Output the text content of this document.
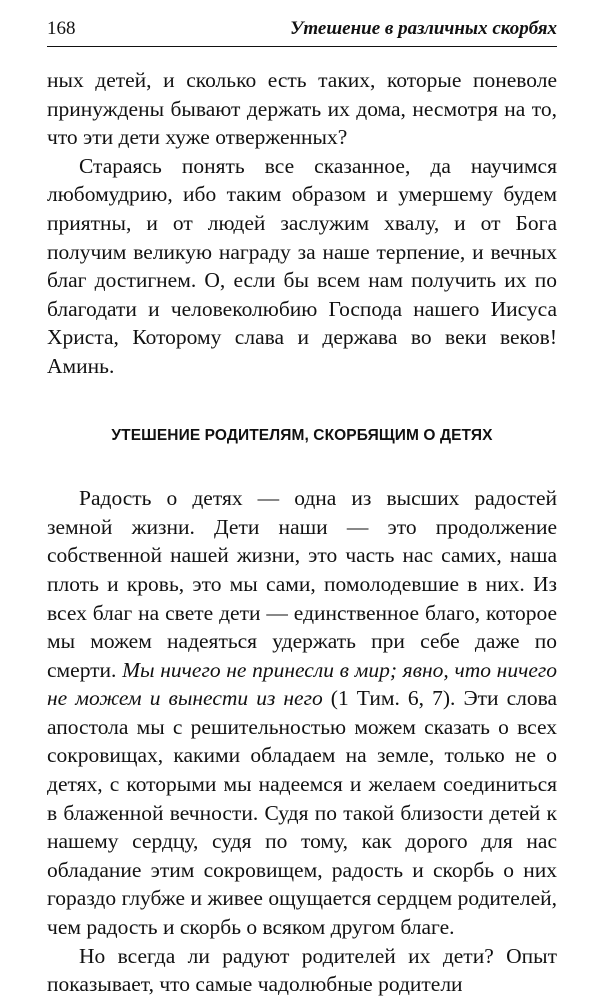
168	Утешение в различных скорбях

ных детей, и сколько есть таких, которые поневоле принуждены бывают держать их дома, несмотря на то, что эти дети хуже отверженных?

Стараясь понять все сказанное, да научимся любомудрию, ибо таким образом и умершему будем приятны, и от людей заслужим хвалу, и от Бога получим великую награду за наше терпение, и вечных благ достигнем. О, если бы всем нам получить их по благодати и человеколюбию Господа нашего Иисуса Христа, Которому слава и держава во веки веков! Аминь.

УТЕШЕНИЕ РОДИТЕЛЯМ, СКОРБЯЩИМ О ДЕТЯХ

Радость о детях — одна из высших радостей земной жизни. Дети наши — это продолжение собственной нашей жизни, это часть нас самих, наша плоть и кровь, это мы сами, помолодевшие в них. Из всех благ на свете дети — единственное благо, которое мы можем надеяться удержать при себе даже по смерти. Мы ничего не принесли в мир; явно, что ничего не можем и вынести из него (1 Тим. 6, 7). Эти слова апостола мы с решительностью можем сказать о всех сокровищах, какими обладаем на земле, только не о детях, с которыми мы надеемся и желаем соединиться в блаженной вечности. Судя по такой близости детей к нашему сердцу, судя по тому, как дорого для нас обладание этим сокровищем, радость и скорбь о них гораздо глубже и живее ощущается сердцем родителей, чем радость и скорбь о всяком другом благе.

Но всегда ли радуют родителей их дети? Опыт показывает, что самые чадолюбные родители
